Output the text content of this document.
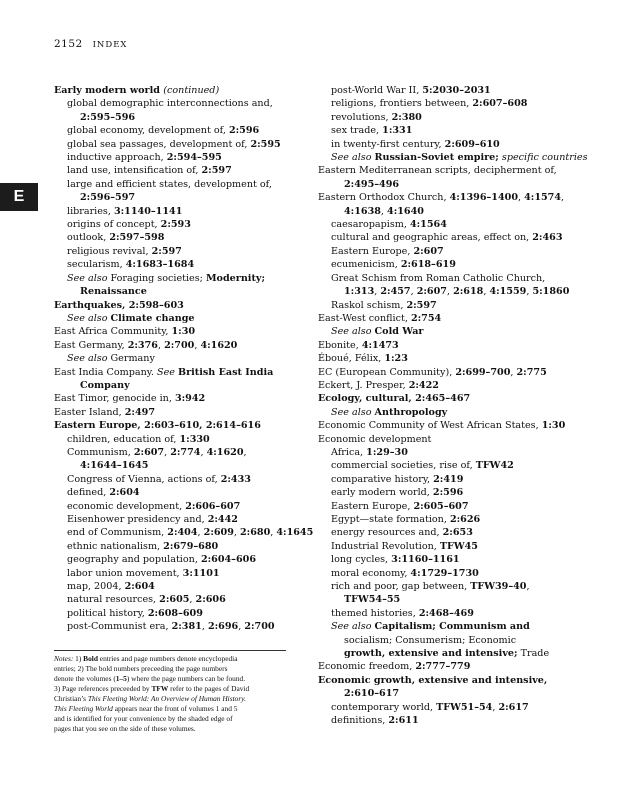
2152 INDEX
E
Early modern world (continued)
global demographic interconnections and,
2:595–596
global economy, development of, 2:596
global sea passages, development of, 2:595
inductive approach, 2:594–595
land use, intensification of, 2:597
large and efficient states, development of,
2:596–597
libraries, 3:1140–1141
origins of concept, 2:593
outlook, 2:597–598
religious revival, 2:597
secularism, 4:1683–1684
See also Foraging societies; Modernity;
Renaissance
Earthquakes, 2:598–603
See also Climate change
East Africa Community, 1:30
East Germany, 2:376, 2:700, 4:1620
See also Germany
East India Company. See British East India
Company
East Timor, genocide in, 3:942
Easter Island, 2:497
Eastern Europe, 2:603–610, 2:614–616
children, education of, 1:330
Communism, 2:607, 2:774, 4:1620,
4:1644–1645
Congress of Vienna, actions of, 2:433
defined, 2:604
economic development, 2:606–607
Eisenhower presidency and, 2:442
end of Communism, 2:404, 2:609, 2:680, 4:1645
ethnic nationalism, 2:679–680
geography and population, 2:604–606
labor union movement, 3:1101
map, 2004, 2:604
natural resources, 2:605, 2:606
political history, 2:608–609
post-Communist era, 2:381, 2:696, 2:700
post-World War II, 5:2030–2031
religions, frontiers between, 2:607–608
revolutions, 2:380
sex trade, 1:331
in twenty-first century, 2:609–610
See also Russian-Soviet empire; specific countries
Eastern Mediterranean scripts, decipherment of,
2:495–496
Eastern Orthodox Church, 4:1396–1400, 4:1574,
4:1638, 4:1640
caesaropapism, 4:1564
cultural and geographic areas, effect on, 2:463
Eastern Europe, 2:607
ecumenicism, 2:618–619
Great Schism from Roman Catholic Church,
1:313, 2:457, 2:607, 2:618, 4:1559, 5:1860
Raskol schism, 2:597
East-West conflict, 2:754
See also Cold War
Ebonite, 4:1473
Éboué, Félix, 1:23
EC (European Community), 2:699–700, 2:775
Eckert, J. Presper, 2:422
Ecology, cultural, 2:465–467
See also Anthropology
Economic Community of West African States, 1:30
Economic development
Africa, 1:29–30
commercial societies, rise of, TFW42
comparative history, 2:419
early modern world, 2:596
Eastern Europe, 2:605–607
Egypt—state formation, 2:626
energy resources and, 2:653
Industrial Revolution, TFW45
long cycles, 3:1160–1161
moral economy, 4:1729–1730
rich and poor, gap between, TFW39–40,
TFW54–55
themed histories, 2:468–469
See also Capitalism; Communism and
socialism; Consumerism; Economic
growth, extensive and intensive; Trade
Economic freedom, 2:777–779
Economic growth, extensive and intensive,
2:610–617
contemporary world, TFW51–54, 2:617
definitions, 2:611

Notes: 1) Bold entries and page numbers denote encyclopedia

entries; 2) The bold numbers preceeding the page numbers

denote the volumes (1–5) where the page numbers can be found.

3) Page references preceeded by TFW refer to the pages of David

Christian’s This Fleeting World: An Overview of Human History.

This Fleeting World appears near the front of volumes 1 and 5

and is identified for your convenience by the shaded edge of

pages that you see on the side of these volumes.
